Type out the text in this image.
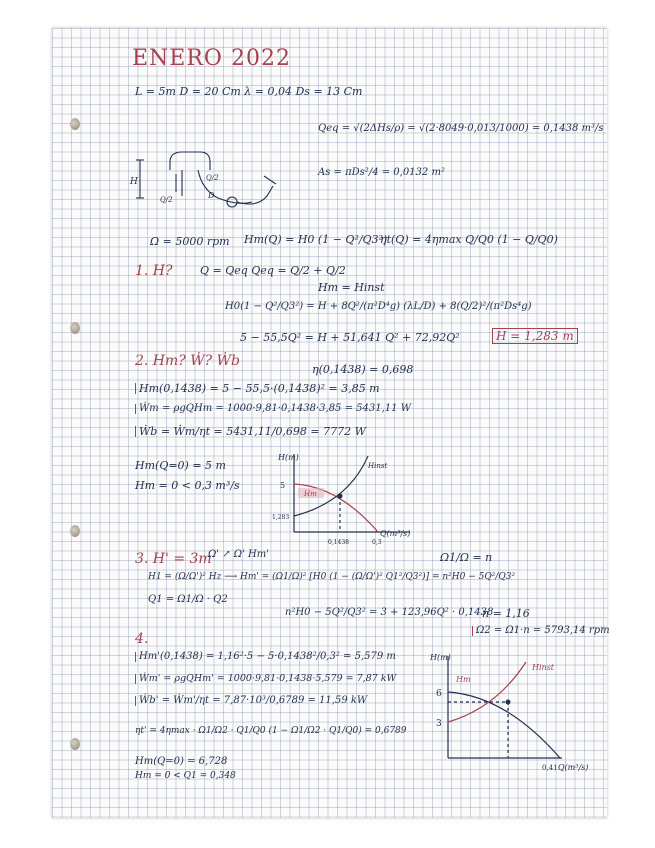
ENERO 2022
L = 5m D = 20 Cm λ = 0,04 Ds = 13 Cm
Qeq = √(2ΔHs/ρ) = √(2·8049·0,013/1000) = 0,1438 m³/s
As = πDs²/4 = 0,0132 m²
H
Q/2
Q/2
D
Ω = 5000 rpm Hm(Q) = H0 (1 − Q²/Q3²)
ηt(Q) = 4ηmax Q/Q0 (1 − Q/Q0)
1. H? Q = Qeq Qeq = Q/2 + Q/2
Hm = Hinst
H0(1 − Q²/Q3²) = H + 8Q²/(π²D⁴g) (λL/D) + 8(Q/2)²/(π²Ds⁴g)
5 − 55,5Q² = H + 51,641 Q² + 72,92Q²	H = 1,283 m
2. Hm? Ẇ? Ẇb
η(0,1438) = 0,698
Hm(0,1438) = 5 − 55,5·(0,1438)² = 3,85 m
Ẇm = ρgQHm = 1000·9,81·0,1438·3,85 = 5431,11 W
Ẇb = Ẇm/ηt = 5431,11/0,698 = 7772 W
Hm(Q=0) = 5 m
Hm = 0 < 0,3 m³/s
H(m)
Q(m³/s)
5
1,283
0,1438	0,3
Hm
Hinst
3. H' = 3m
Ω' ↗ Ω' Hm'	Ω1/Ω = n
H1 = (Ω/Ω')² Hz ⟶ Hm' = (Ω1/Ω)² [H0 (1 − (Ω/Ω')² Q1²/Q3²)] = n²H0 − 5Q²/Q3²
Q1 = Ω1/Ω · Q2
n²H0 − 5Q²/Q3² = 3 + 123,96Q² · 0,1438
n = 1,16
Ω2 = Ω1·n = 5793,14 rpm
4.
Hm'(0,1438) = 1,16²·5 − 5·0,1438²/0,3² = 5,579 m
Ẇm' = ρgQHm' = 1000·9,81·0,1438·5,579 = 7,87 kW
Ẇb' = Ẇm'/ηt = 7,87·10³/0,6789 = 11,59 kW
ηt' = 4ηmax · Ω1/Ω2 · Q1/Q0 (1 − Ω1/Ω2 · Q1/Q0) = 0,6789
Hm(Q=0) = 6,728
Hm = 0 < Q1 = 0,348
H(m)
Q(m³/s)
6
3
0,41
Hm
Hinst
